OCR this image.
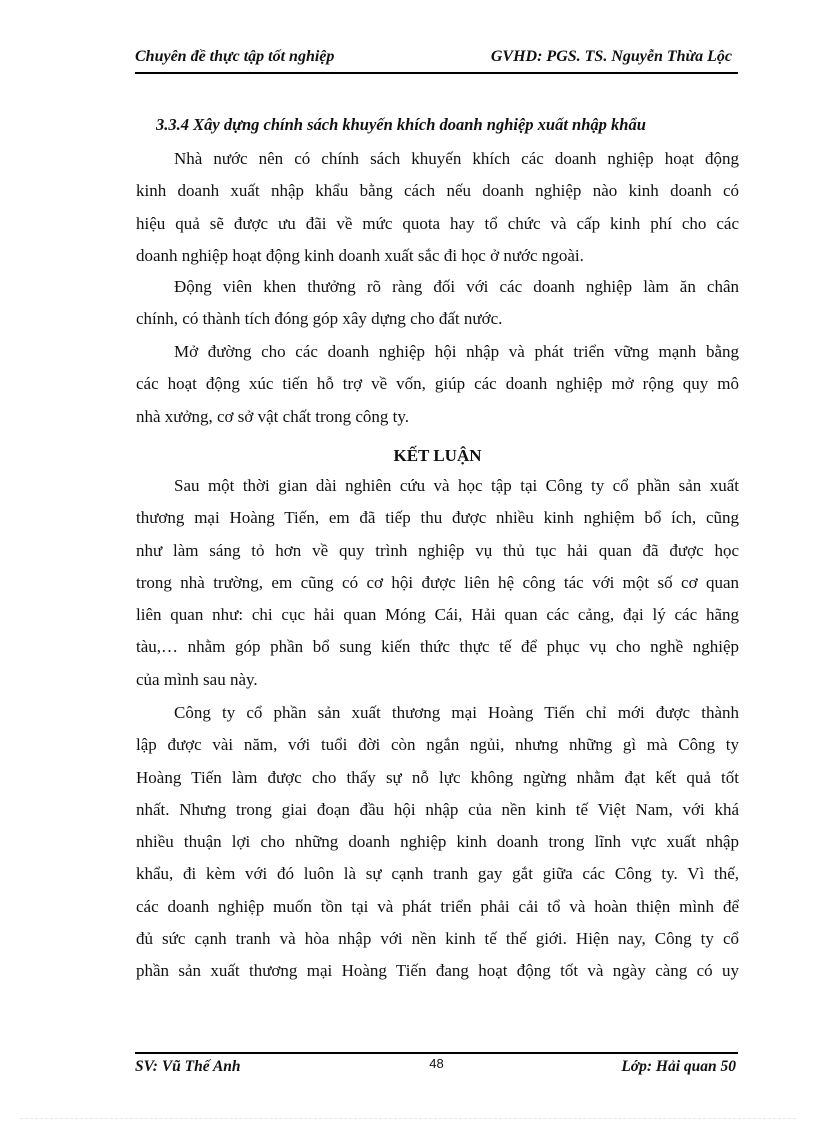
Chuyên đề thực tập tốt nghiệp	GVHD: PGS. TS. Nguyễn Thừa Lộc
3.3.4 Xây dựng chính sách khuyến khích doanh nghiệp xuất nhập khẩu
Nhà nước nên có chính sách khuyến khích các doanh nghiệp hoạt động
kinh doanh xuất nhập khẩu bằng cách nếu doanh nghiệp nào kinh doanh có
hiệu quả sẽ được ưu đãi về mức quota hay tổ chức và cấp kinh phí cho các
doanh nghiệp hoạt động kinh doanh xuất sắc đi học ở nước ngoài.
Động viên khen thưởng rõ ràng đối với các doanh nghiệp làm ăn chân
chính, có thành tích đóng góp xây dựng cho đất nước.
Mở đường cho các doanh nghiệp hội nhập và phát triển vững mạnh bằng
các hoạt động xúc tiến hỗ trợ về vốn, giúp các doanh nghiệp mở rộng quy mô
nhà xưởng, cơ sở vật chất trong công ty.
KẾT LUẬN
Sau một thời gian dài nghiên cứu và học tập tại Công ty cổ phần sản xuất
thương mại Hoàng Tiến, em đã tiếp thu được nhiều kinh nghiệm bổ ích, cũng
như làm sáng tỏ hơn về quy trình nghiệp vụ thủ tục hải quan đã được học
trong nhà trường, em cũng có cơ hội được liên hệ công tác với một số cơ quan
liên quan như: chi cục hải quan Móng Cái, Hải quan các cảng, đại lý các hãng
tàu,… nhằm góp phần bổ sung kiến thức thực tế để phục vụ cho nghề nghiệp
của mình sau này.
Công ty cổ phần sản xuất thương mại Hoàng Tiến chỉ mới được thành
lập được vài năm, với tuổi đời còn ngắn ngủi, nhưng những gì mà Công ty
Hoàng Tiến làm được cho thấy sự nỗ lực không ngừng nhằm đạt kết quả tốt
nhất. Nhưng trong giai đoạn đầu hội nhập của nền kinh tế Việt Nam, với khá
nhiều thuận lợi cho những doanh nghiệp kinh doanh trong lĩnh vực xuất nhập
khẩu, đi kèm với đó luôn là sự cạnh tranh gay gắt giữa các Công ty. Vì thế,
các doanh nghiệp muốn tồn tại và phát triển phải cải tổ và hoàn thiện mình để
đủ sức cạnh tranh và hòa nhập với nền kinh tế thế giới. Hiện nay, Công ty cổ
phần sản xuất thương mại Hoàng Tiến đang hoạt động tốt và ngày càng có uy
SV: Vũ Thế Anh	48	Lớp: Hải quan 50
